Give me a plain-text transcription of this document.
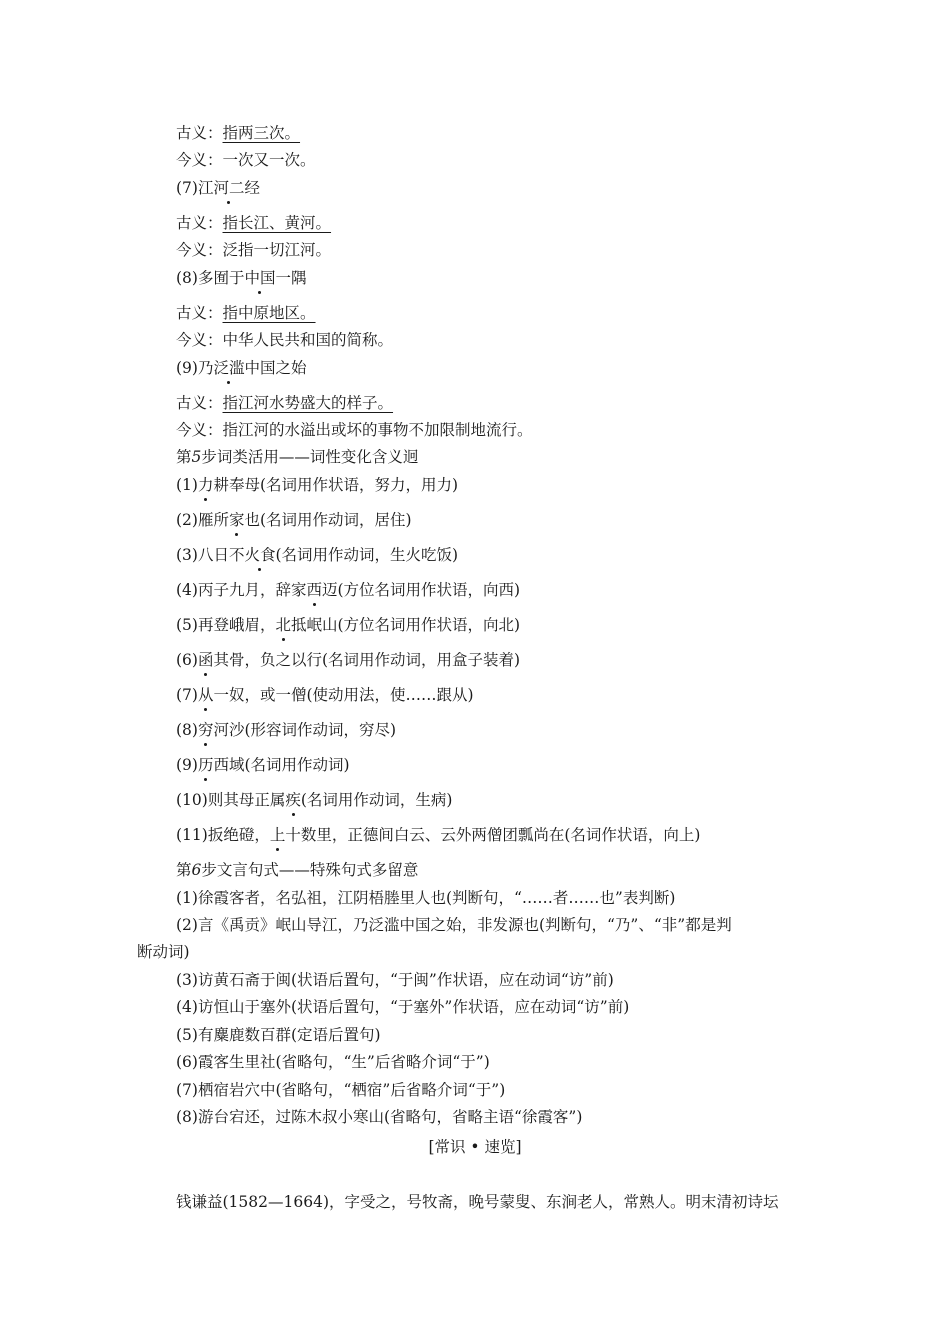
古义：指两三次。
今义：一次又一次。
(7)江河二经
古义：指长江、黄河。
今义：泛指一切江河。
(8)多囿于中国一隅
古义：指中原地区。
今义：中华人民共和国的简称。
(9)乃泛滥中国之始
古义：指江河水势盛大的样子。
今义：指江河的水溢出或坏的事物不加限制地流行。
第5步词类活用——词性变化含义迥
(1)力耕奉母(名词用作状语，努力，用力)
(2)雁所家也(名词用作动词，居住)
(3)八日不火食(名词用作动词，生火吃饭)
(4)丙子九月，辞家西迈(方位名词用作状语，向西)
(5)再登峨眉，北抵岷山(方位名词用作状语，向北)
(6)函其骨，负之以行(名词用作动词，用盒子装着)
(7)从一奴，或一僧(使动用法，使……跟从)
(8)穷河沙(形容词作动词，穷尽)
(9)历西域(名词用作动词)
(10)则其母正属疾(名词用作动词，生病)
(11)扳绝磴，上十数里，正德间白云、云外两僧团瓢尚在(名词作状语，向上)
第6步文言句式——特殊句式多留意
(1)徐霞客者，名弘祖，江阴梧塍里人也(判断句，“……者……也”表判断)
(2)言《禹贡》岷山导江，乃泛滥中国之始，非发源也(判断句，“乃”、“非”都是判
断动词)
(3)访黄石斋于闽(状语后置句，“于闽”作状语，应在动词“访”前)
(4)访恒山于塞外(状语后置句，“于塞外”作状语，应在动词“访”前)
(5)有麋鹿数百群(定语后置句)
(6)霞客生里社(省略句，“生”后省略介词“于”)
(7)栖宿岩穴中(省略句，“栖宿”后省略介词“于”)
(8)游台宕还，过陈木叔小寒山(省略句，省略主语“徐霞客”)
[常识 • 速览]
钱谦益(1582—1664)，字受之，号牧斋，晚号蒙叟、东涧老人，常熟人。明末清初诗坛
